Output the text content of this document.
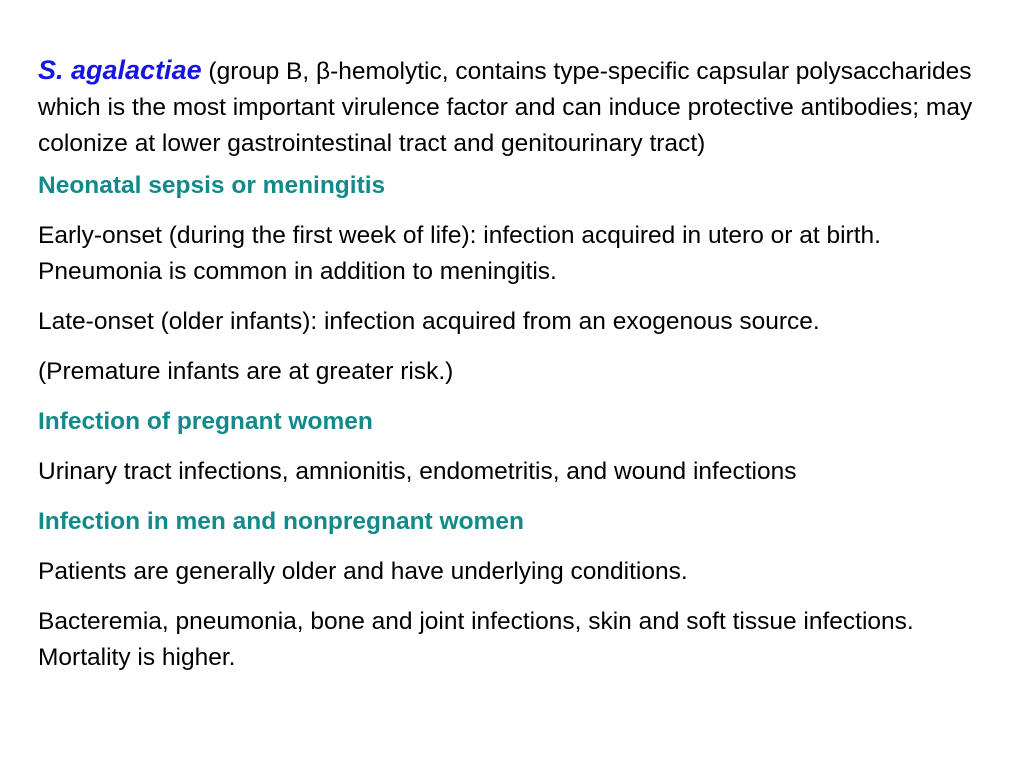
S. agalactiae (group B, β-hemolytic, contains type-specific capsular polysaccharides which is the most important virulence factor and can induce protective antibodies; may colonize at lower gastrointestinal tract and genitourinary tract)

Neonatal sepsis or meningitis

Early-onset (during the first week of life): infection acquired in utero or at birth. Pneumonia is common in addition to meningitis.

Late-onset (older infants): infection acquired from an exogenous source.

(Premature infants are at greater risk.)

Infection of pregnant women

Urinary tract infections, amnionitis, endometritis, and wound infections

Infection in men and nonpregnant women

Patients are generally older and have underlying conditions.

Bacteremia, pneumonia, bone and joint infections, skin and soft tissue infections. Mortality is higher.
